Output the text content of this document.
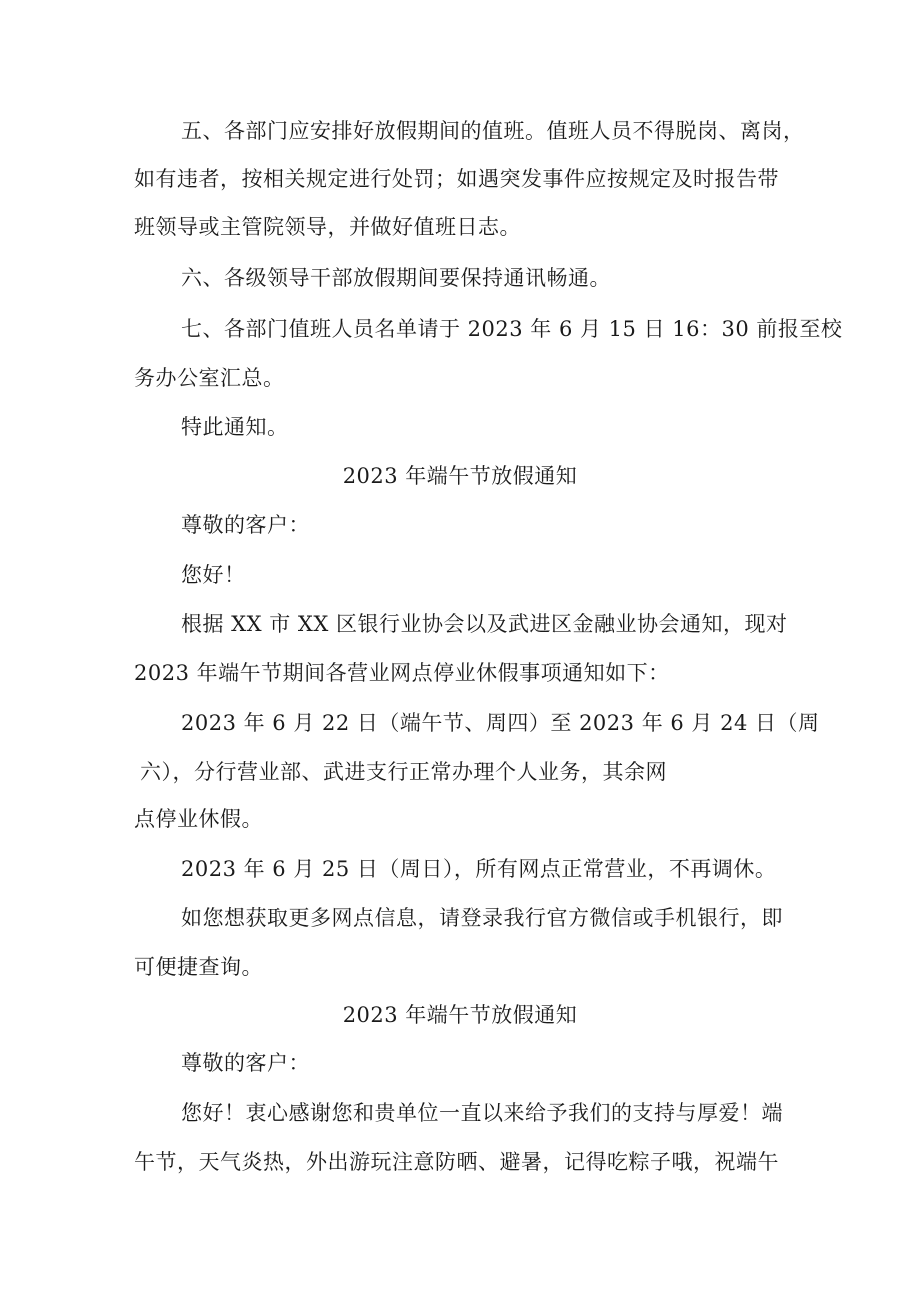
五、各部门应安排好放假期间的值班。值班人员不得脱岗、离岗，
如有违者，按相关规定进行处罚；如遇突发事件应按规定及时报告带
班领导或主管院领导，并做好值班日志。
六、各级领导干部放假期间要保持通讯畅通。
七、各部门值班人员名单请于 2023 年 6 月 15 日 16：30 前报至校
务办公室汇总。
特此通知。
2023 年端午节放假通知
尊敬的客户：
您好！
根据 XX 市 XX 区银行业协会以及武进区金融业协会通知，现对
2023 年端午节期间各营业网点停业休假事项通知如下：
2023 年 6 月 22 日（端午节、周四）至 2023 年 6 月 24 日（周
六），分行营业部、武进支行正常办理个人业务，其余网
点停业休假。
2023 年 6 月 25 日（周日），所有网点正常营业，不再调休。
如您想获取更多网点信息，请登录我行官方微信或手机银行，即
可便捷查询。
2023 年端午节放假通知
尊敬的客户：
您好！衷心感谢您和贵单位一直以来给予我们的支持与厚爱！端
午节，天气炎热，外出游玩注意防晒、避暑，记得吃粽子哦，祝端午
